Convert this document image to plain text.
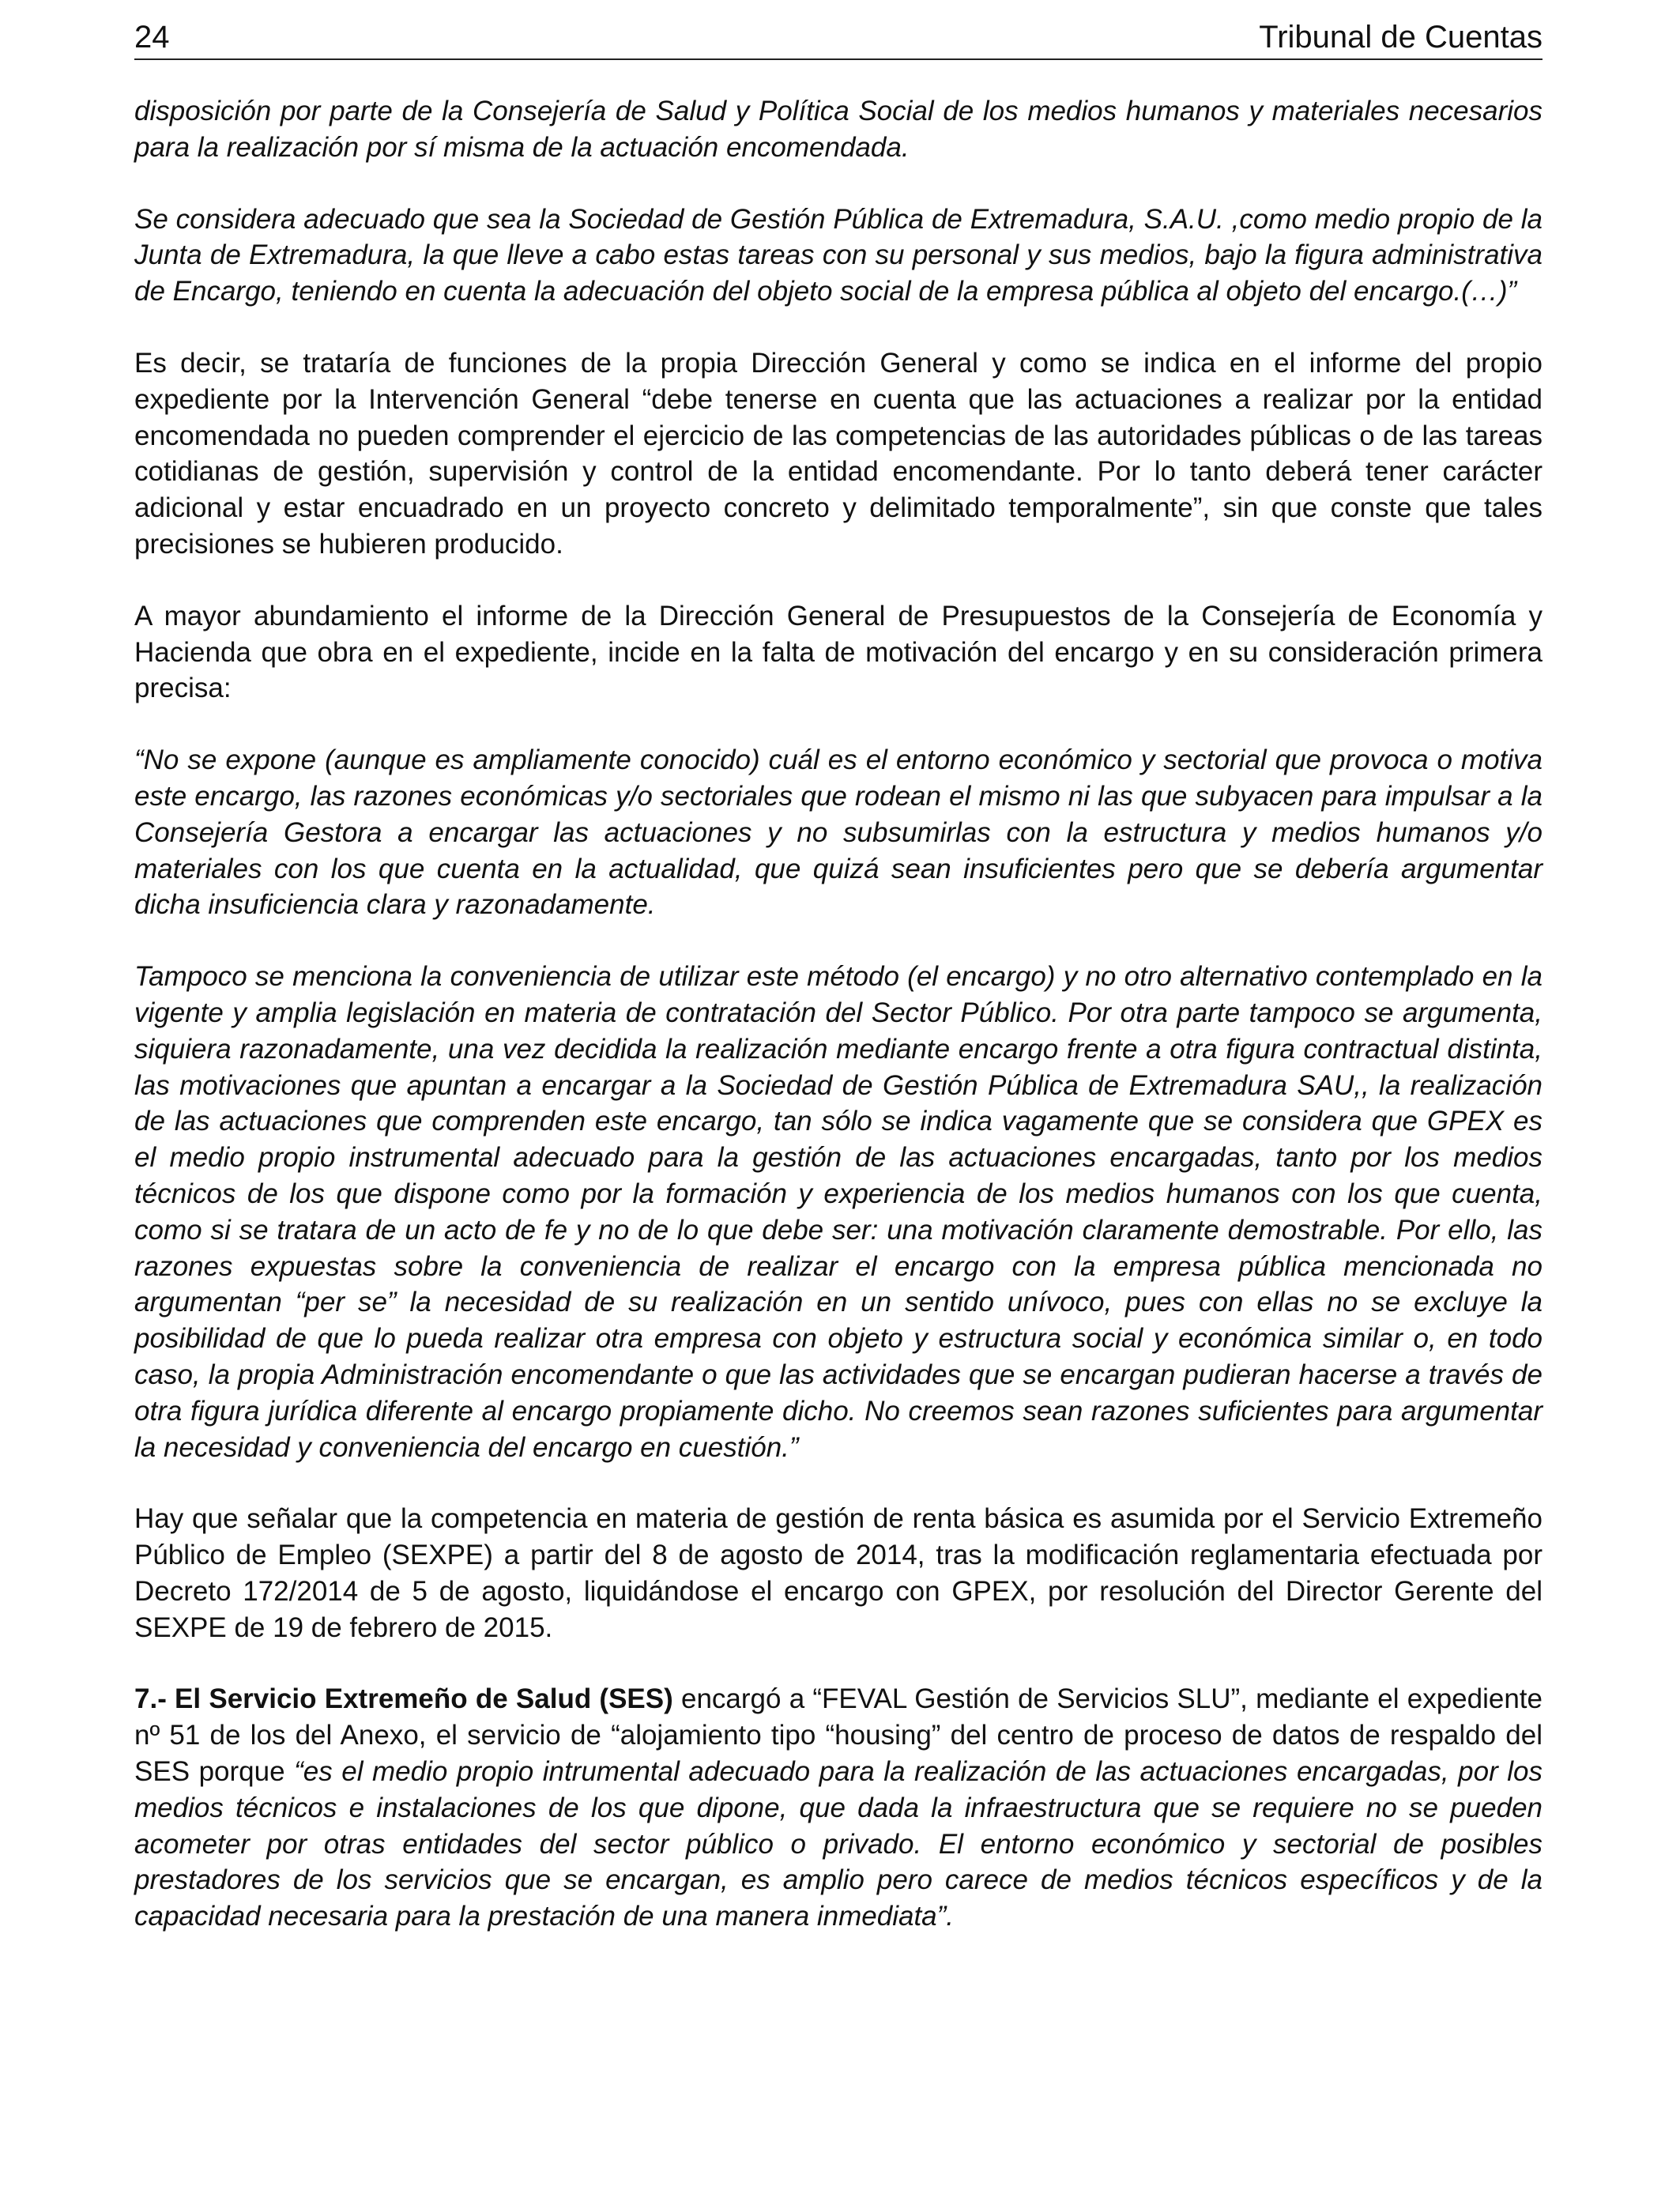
24	Tribunal de Cuentas

disposición por parte de la Consejería de Salud y Política Social de los medios humanos y materiales necesarios para la realización por sí misma de la actuación encomendada.

Se considera adecuado que sea la Sociedad de Gestión Pública de Extremadura, S.A.U. ,como medio propio de la Junta de Extremadura, la que lleve a cabo estas tareas con su personal y sus medios, bajo la figura administrativa de Encargo, teniendo en cuenta la adecuación del objeto social de la empresa pública al objeto del encargo.(…)”

Es decir, se trataría de funciones de la propia Dirección General y como se indica en el informe del propio expediente por la Intervención General “debe tenerse en cuenta que las actuaciones a realizar por la entidad encomendada no pueden comprender el ejercicio de las competencias de las autoridades públicas o de las tareas cotidianas de gestión, supervisión y control de la entidad encomendante. Por lo tanto deberá tener carácter adicional y estar encuadrado en un proyecto concreto y delimitado temporalmente”, sin que conste que tales precisiones se hubieren producido.

A mayor abundamiento el informe de la Dirección General de Presupuestos de la Consejería de Economía y Hacienda que obra en el expediente, incide en la falta de motivación del encargo y en su consideración primera precisa:

“No se expone (aunque es ampliamente conocido) cuál es el entorno económico y sectorial que provoca o motiva este encargo, las razones económicas y/o sectoriales que rodean el mismo ni las que subyacen para impulsar a la Consejería Gestora a encargar las actuaciones y no subsumirlas con la estructura y medios humanos y/o materiales con los que cuenta en la actualidad, que quizá sean insuficientes pero que se debería argumentar dicha insuficiencia clara y razonadamente.

Tampoco se menciona la conveniencia de utilizar este método (el encargo) y no otro alternativo contemplado en la vigente y amplia legislación en materia de contratación del Sector Público. Por otra parte tampoco se argumenta, siquiera razonadamente, una vez decidida la realización mediante encargo frente a otra figura contractual distinta, las motivaciones que apuntan a encargar a la Sociedad de Gestión Pública de Extremadura SAU,, la realización de las actuaciones que comprenden este encargo, tan sólo se indica vagamente que se considera que GPEX es el medio propio instrumental adecuado para la gestión de las actuaciones encargadas, tanto por los medios técnicos de los que dispone como por la formación y experiencia de los medios humanos con los que cuenta, como si se tratara de un acto de fe y no de lo que debe ser: una motivación claramente demostrable. Por ello, las razones expuestas sobre la conveniencia de realizar el encargo con la empresa pública mencionada no argumentan “per se” la necesidad de su realización en un sentido unívoco, pues con ellas no se excluye la posibilidad de que lo pueda realizar otra empresa con objeto y estructura social y económica similar o, en todo caso, la propia Administración encomendante o que las actividades que se encargan pudieran hacerse a través de otra figura jurídica diferente al encargo propiamente dicho. No creemos sean razones suficientes para argumentar la necesidad y conveniencia del encargo en cuestión.”

Hay que señalar que la competencia en materia de gestión de renta básica es asumida por el Servicio Extremeño Público de Empleo (SEXPE) a partir del 8 de agosto de 2014, tras la modificación reglamentaria efectuada por Decreto 172/2014 de 5 de agosto, liquidándose el encargo con GPEX, por resolución del Director Gerente del SEXPE de 19 de febrero de 2015.

7.- El Servicio Extremeño de Salud (SES) encargó a “FEVAL Gestión de Servicios SLU”, mediante el expediente nº 51 de los del Anexo, el servicio de “alojamiento tipo “housing” del centro de proceso de datos de respaldo del SES porque “es el medio propio intrumental adecuado para la realización de las actuaciones encargadas, por los medios técnicos e instalaciones de los que dipone, que dada la infraestructura que se requiere no se pueden acometer por otras entidades del sector público o privado. El entorno económico y sectorial de posibles prestadores de los servicios que se encargan, es amplio pero carece de medios técnicos específicos y de la capacidad necesaria para la prestación de una manera inmediata”.
